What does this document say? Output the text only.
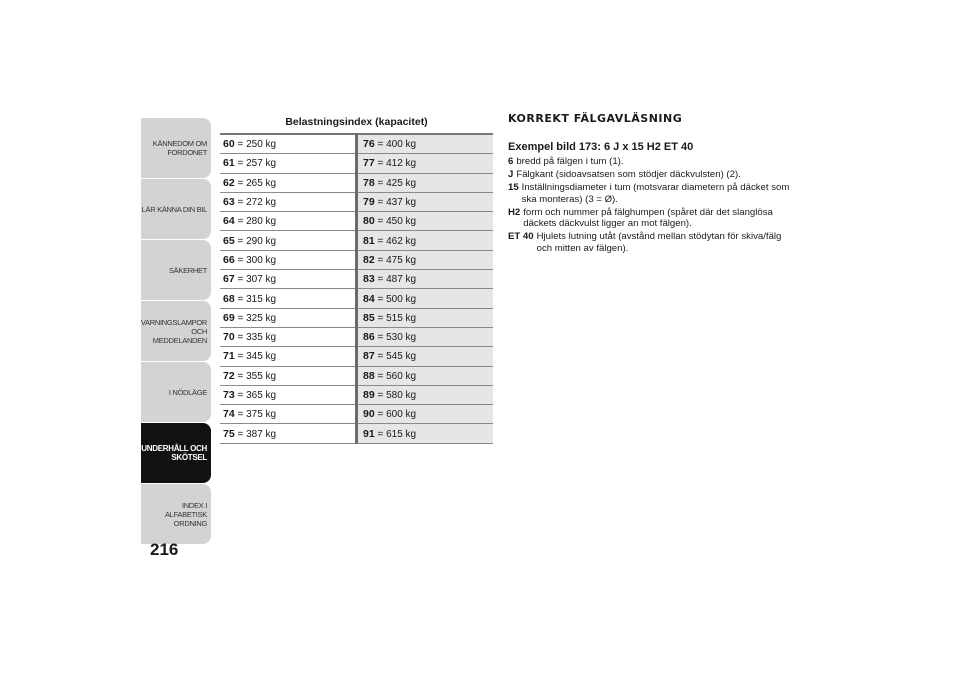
KÄNNEDOM OM
FORDONET
LÄR KÄNNA DIN BIL
SÄKERHET
VARNINGSLAMPOR
OCH MEDDELANDEN
I NÖDLÄGE
UNDERHÅLL OCH
SKÖTSEL
INDEX I ALFABETISK
ORDNING
216
Belastningsindex (kapacitet)
60 = 250 kg	76 = 400 kg
61 = 257 kg	77 = 412 kg
62 = 265 kg	78 = 425 kg
63 = 272 kg	79 = 437 kg
64 = 280 kg	80 = 450 kg
65 = 290 kg	81 = 462 kg
66 = 300 kg	82 = 475 kg
67 = 307 kg	83 = 487 kg
68 = 315 kg	84 = 500 kg
69 = 325 kg	85 = 515 kg
70 = 335 kg	86 = 530 kg
71 = 345 kg	87 = 545 kg
72 = 355 kg	88 = 560 kg
73 = 365 kg	89 = 580 kg
74 = 375 kg	90 = 600 kg
75 = 387 kg	91 = 615 kg
KORREKT FÄLGAVLÄSNING
Exempel bild 173: 6 J x 15 H2 ET 40
6 bredd på fälgen i tum (1).
J Fälgkant (sidoavsatsen som stödjer däckvulsten) (2).
15 Inställningsdiameter i tum (motsvarar diametern på däcket som ska monteras) (3 = Ø).
H2 form och nummer på fälghumpen (spåret där det slanglösa däckets däckvulst ligger an mot fälgen).
ET 40 Hjulets lutning utåt (avstånd mellan stödytan för skiva/fälg och mitten av fälgen).
